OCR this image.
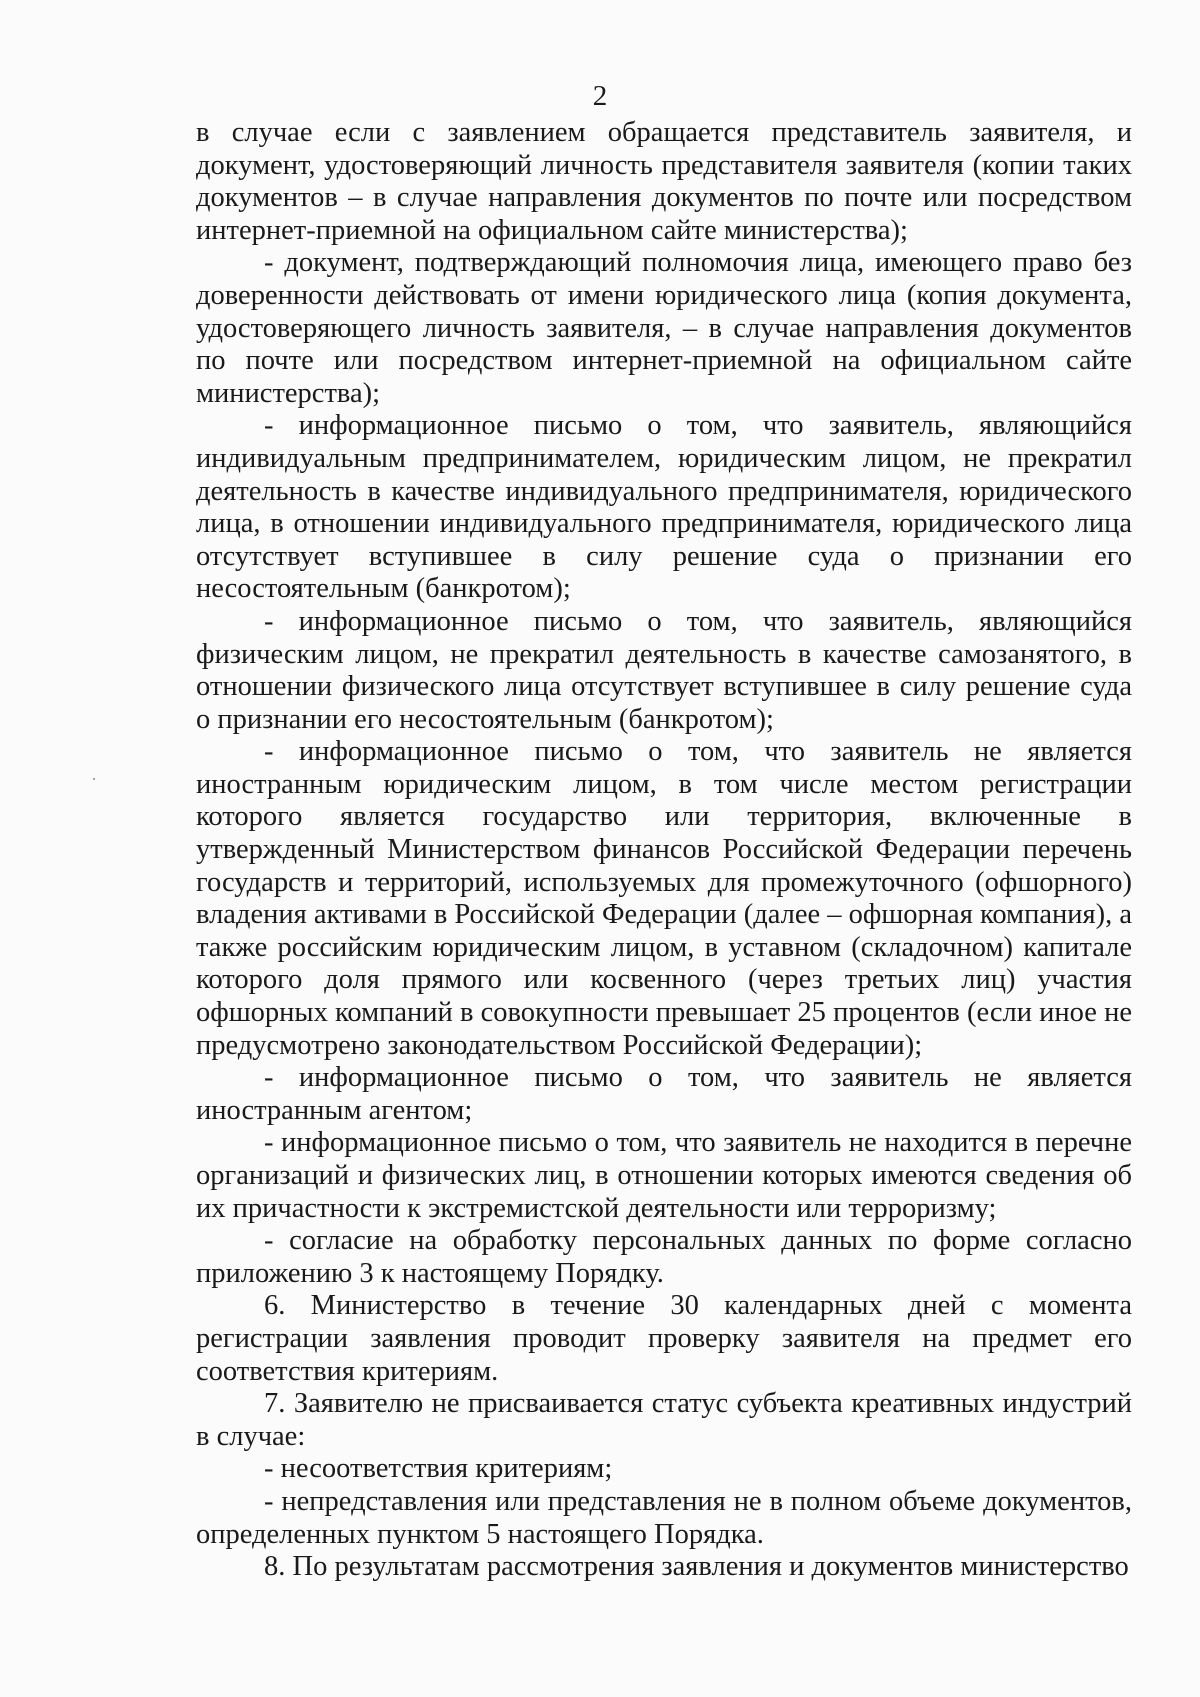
2

в случае если с заявлением обращается представитель заявителя, и документ, удостоверяющий личность представителя заявителя (копии таких документов – в случае направления документов по почте или посредством интернет-приемной на официальном сайте министерства);

- документ, подтверждающий полномочия лица, имеющего право без доверенности действовать от имени юридического лица (копия документа, удостоверяющего личность заявителя, – в случае направления документов по почте или посредством интернет-приемной на официальном сайте министерства);

- информационное письмо о том, что заявитель, являющийся индивидуальным предпринимателем, юридическим лицом, не прекратил деятельность в качестве индивидуального предпринимателя, юридического лица, в отношении индивидуального предпринимателя, юридического лица отсутствует вступившее в силу решение суда о признании его несостоятельным (банкротом);

- информационное письмо о том, что заявитель, являющийся физическим лицом, не прекратил деятельность в качестве самозанятого, в отношении физического лица отсутствует вступившее в силу решение суда о признании его несостоятельным (банкротом);

- информационное письмо о том, что заявитель не является иностранным юридическим лицом, в том числе местом регистрации которого является государство или территория, включенные в утвержденный Министерством финансов Российской Федерации перечень государств и территорий, используемых для промежуточного (офшорного) владения активами в Российской Федерации (далее – офшорная компания), а также российским юридическим лицом, в уставном (складочном) капитале которого доля прямого или косвенного (через третьих лиц) участия офшорных компаний в совокупности превышает 25 процентов (если иное не предусмотрено законодательством Российской Федерации);

- информационное письмо о том, что заявитель не является иностранным агентом;

- информационное письмо о том, что заявитель не находится в перечне организаций и физических лиц, в отношении которых имеются сведения об их причастности к экстремистской деятельности или терроризму;

- согласие на обработку персональных данных по форме согласно приложению 3 к настоящему Порядку.

6. Министерство в течение 30 календарных дней с момента регистрации заявления проводит проверку заявителя на предмет его соответствия критериям.

7. Заявителю не присваивается статус субъекта креативных индустрий в случае:

- несоответствия критериям;

- непредставления или представления не в полном объеме документов, определенных пунктом 5 настоящего Порядка.

8. По результатам рассмотрения заявления и документов министерство
